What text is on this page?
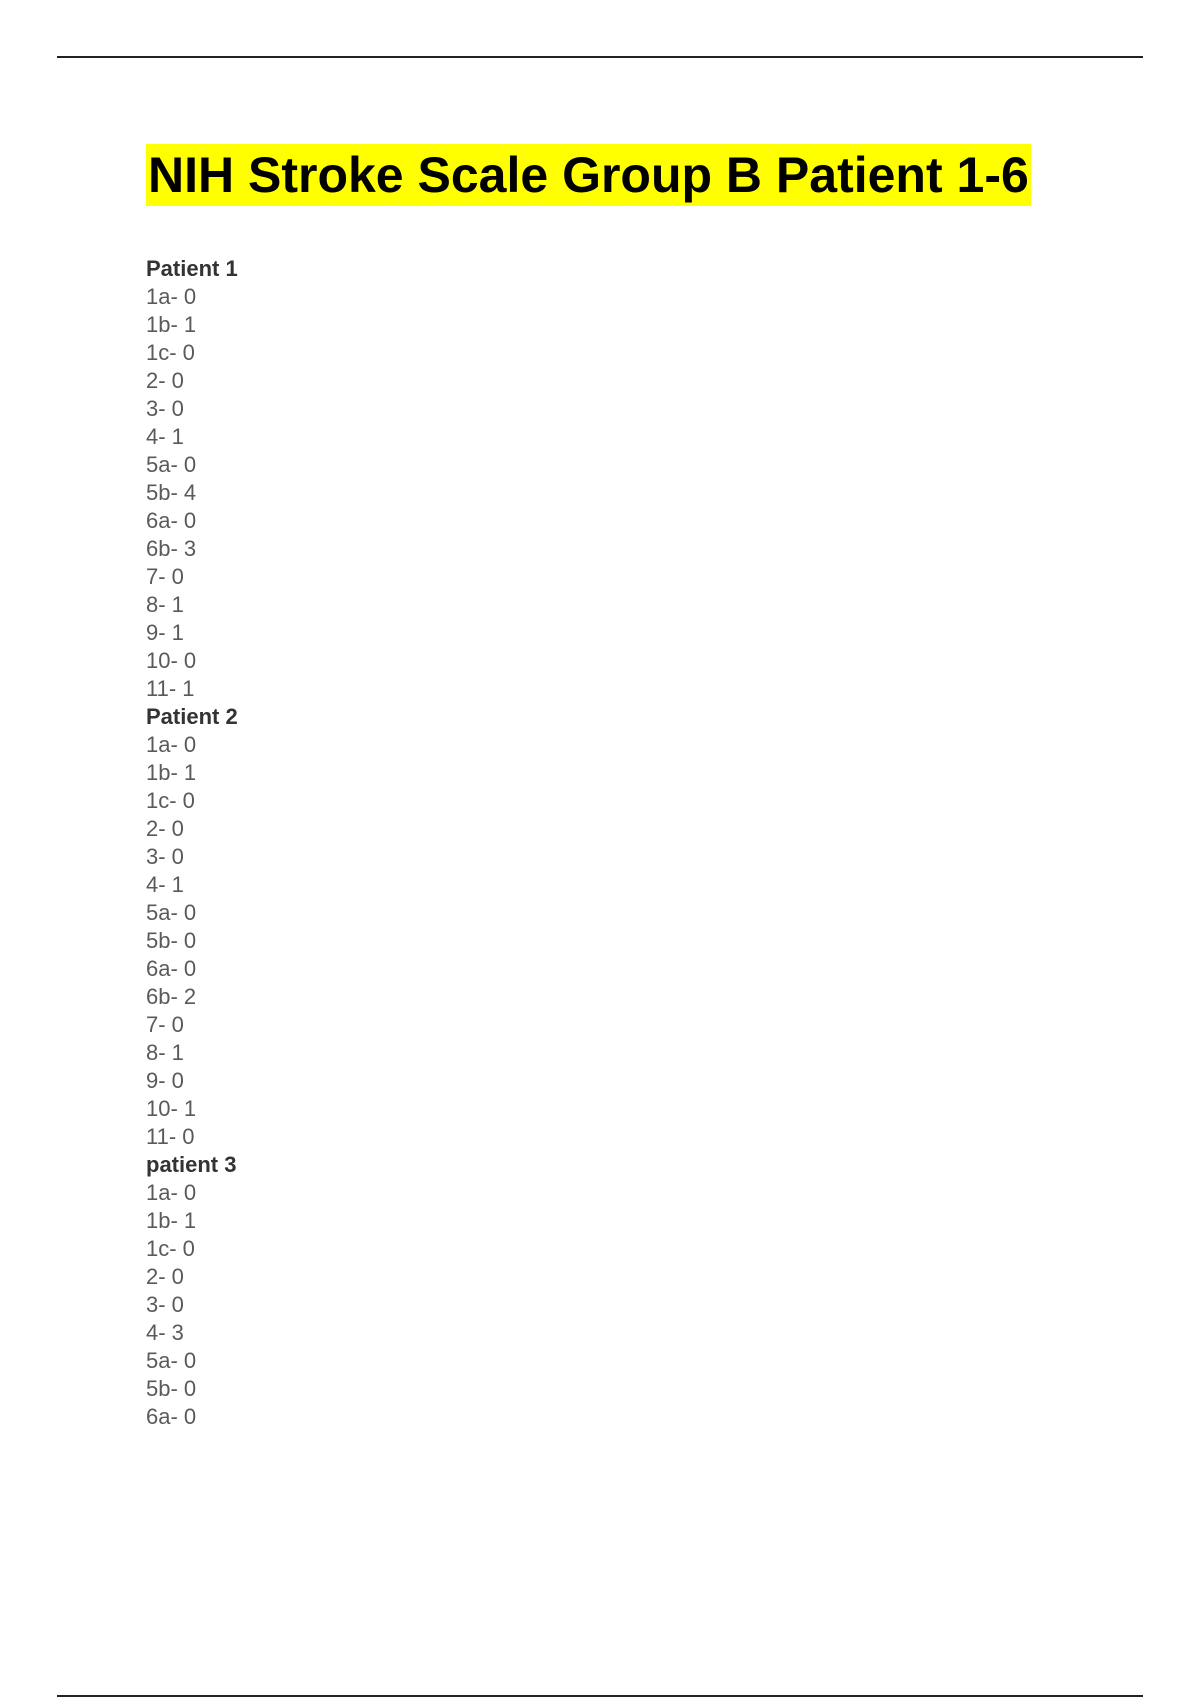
NIH Stroke Scale Group B Patient 1-6
Patient 1
1a- 0
1b- 1
1c- 0
2- 0
3- 0
4- 1
5a- 0
5b- 4
6a- 0
6b- 3
7- 0
8- 1
9- 1
10- 0
11- 1
Patient 2
1a- 0
1b- 1
1c- 0
2- 0
3- 0
4- 1
5a- 0
5b- 0
6a- 0
6b- 2
7- 0
8- 1
9- 0
10- 1
11- 0
patient 3
1a- 0
1b- 1
1c- 0
2- 0
3- 0
4- 3
5a- 0
5b- 0
6a- 0
